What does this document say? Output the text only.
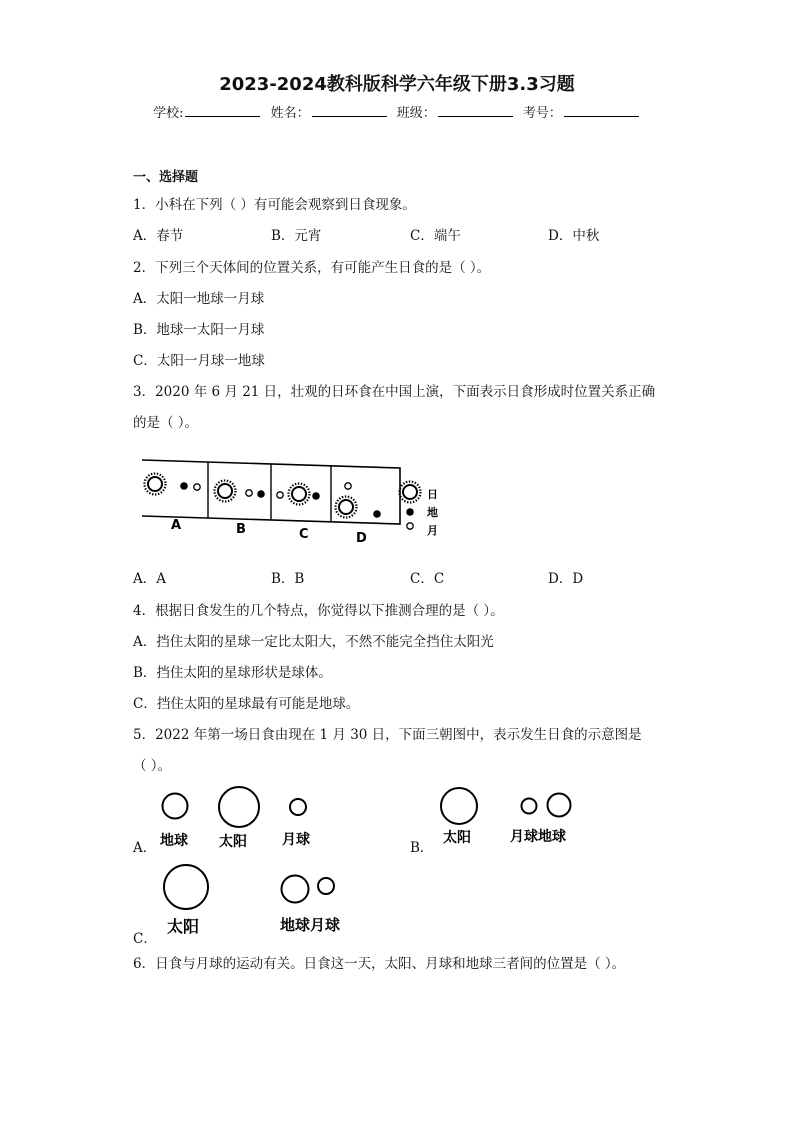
2023-2024教科版科学六年级下册3.3习题
学校:	姓名：	班级：	考号：
一、选择题
1．小科在下列（ ）有可能会观察到日食现象。
A．春节	B．元宵	C．端午	D．中秋
2．下列三个天体间的位置关系，有可能产生日食的是（ ）。
A．太阳一地球一月球
B．地球一太阳一月球
C．太阳一月球一地球
3．2020 年 6 月 21 日，壮观的日环食在中国上演，下面表示日食形成时位置关系正确
的是（ ）。
A	B	C	D
日
地
月
A．A	B．B	C．C	D．D
4．根据日食发生的几个特点，你觉得以下推测合理的是（ ）。
A．挡住太阳的星球一定比太阳大，不然不能完全挡住太阳光
B．挡住太阳的星球形状是球体。
C．挡住太阳的星球最有可能是地球。
5．2022 年第一场日食由现在 1 月 30 日，下面三朝图中，表示发生日食的示意图是
（ ）。
A． 地球 太阳	月球	B．
太阳	月球地球
C．
太阳	地球月球
6．日食与月球的运动有关。日食这一天，太阳、月球和地球三者间的位置是（ ）。
